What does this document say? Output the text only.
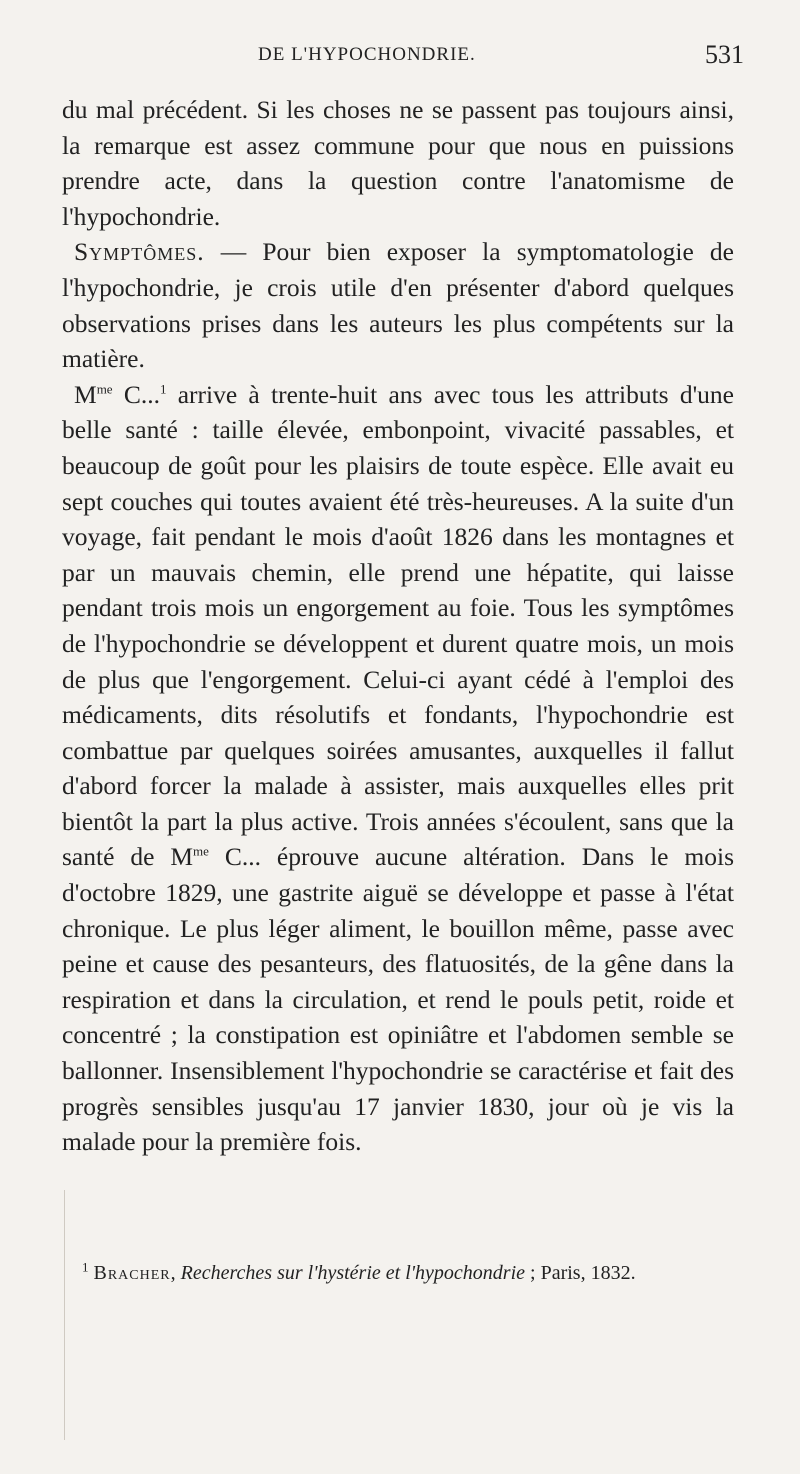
DE L'HYPOCHONDRIE.	531

du mal précédent. Si les choses ne se passent pas toujours ainsi, la remarque est assez commune pour que nous en puissions prendre acte, dans la question contre l'anatomisme de l'hypochondrie.

Symptômes. — Pour bien exposer la symptomatologie de l'hypochondrie, je crois utile d'en présenter d'abord quelques observations prises dans les auteurs les plus compétents sur la matière.

$M^{me}$ C...$^1$ arrive à trente-huit ans avec tous les attributs d'une belle santé : taille élevée, embonpoint, vivacité passables, et beaucoup de goût pour les plaisirs de toute espèce. Elle avait eu sept couches qui toutes avaient été très-heureuses. A la suite d'un voyage, fait pendant le mois d'août 1826 dans les montagnes et par un mauvais chemin, elle prend une hépatite, qui laisse pendant trois mois un engorgement au foie. Tous les symptômes de l'hypochondrie se développent et durent quatre mois, un mois de plus que l'engorgement. Celui-ci ayant cédé à l'emploi des médicaments, dits résolutifs et fondants, l'hypochondrie est combattue par quelques soirées amusantes, auxquelles il fallut d'abord forcer la malade à assister, mais auxquelles elles prit bientôt la part la plus active. Trois années s'écoulent, sans que la santé de $M^{me}$ C... éprouve aucune altération. Dans le mois d'octobre 1829, une gastrite aiguë se développe et passe à l'état chronique. Le plus léger aliment, le bouillon même, passe avec peine et cause des pesanteurs, des flatuosités, de la gêne dans la respiration et dans la circulation, et rend le pouls petit, roide et concentré ; la constipation est opiniâtre et l'abdomen semble se ballonner. Insensiblement l'hypochondrie se caractérise et fait des progrès sensibles jusqu'au 17 janvier 1830, jour où je vis la malade pour la première fois.

$^1$ Bracher, Recherches sur l'hystérie et l'hypochondrie ; Paris, 1832.
